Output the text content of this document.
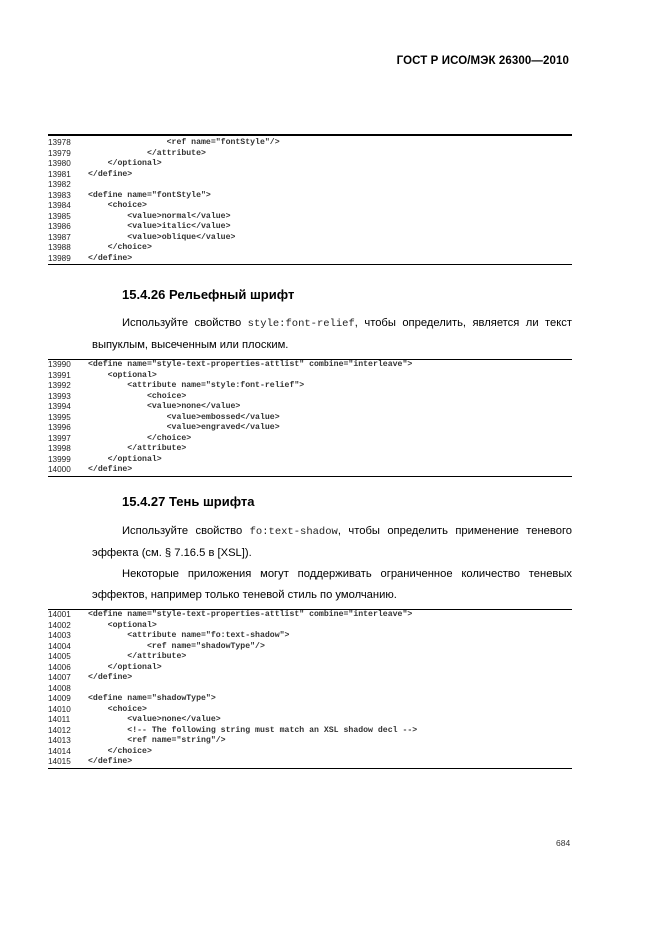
ГОСТ Р ИСО/МЭК 26300—2010
13978	<ref name="fontStyle"/>
13979	</attribute>
13980	</optional>
13981	</define>
13982
13983	<define name="fontStyle">
13984	<choice>
13985	<value>normal</value>
13986	<value>italic</value>
13987	<value>oblique</value>
13988	</choice>
13989	</define>
15.4.26 Рельефный шрифт
Используйте свойство style:font-relief, чтобы определить, является ли текст выпуклым, высеченным или плоским.
13990	<define name="style-text-properties-attlist" combine="interleave">
13991	<optional>
13992	<attribute name="style:font-relief">
13993	<choice>
13994	<value>none</value>
13995	<value>embossed</value>
13996	<value>engraved</value>
13997	</choice>
13998	</attribute>
13999	</optional>
14000	</define>
15.4.27 Тень шрифта
Используйте свойство fo:text-shadow, чтобы определить применение теневого эффекта (см. § 7.16.5 в [XSL]).
Некоторые приложения могут поддерживать ограниченное количество теневых эффектов, например только теневой стиль по умолчанию.
14001	<define name="style-text-properties-attlist" combine="interleave">
14002	<optional>
14003	<attribute name="fo:text-shadow">
14004	<ref name="shadowType"/>
14005	</attribute>
14006	</optional>
14007	</define>
14008
14009	<define name="shadowType">
14010	<choice>
14011	<value>none</value>
14012	<!-- The following string must match an XSL shadow decl -->
14013	<ref name="string"/>
14014	</choice>
14015	</define>
684
